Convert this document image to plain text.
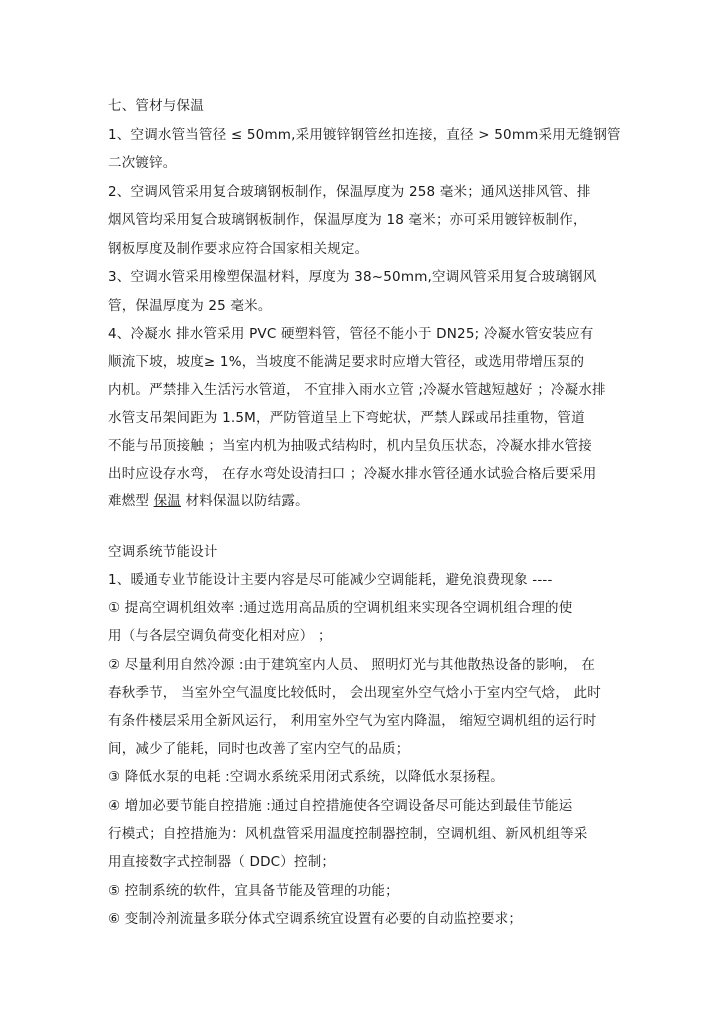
七、管材与保温
1、空调水管当管径 ≤ 50mm,采用镀锌钢管丝扣连接，直径 > 50mm采用无缝钢管
二次镀锌。
2、空调风管采用复合玻璃钢板制作，保温厚度为 258 毫米；通风送排风管、排
烟风管均采用复合玻璃钢板制作，保温厚度为 18 毫米；亦可采用镀锌板制作，
钢板厚度及制作要求应符合国家相关规定。
3、空调水管采用橡塑保温材料，厚度为 38~50mm,空调风管采用复合玻璃钢风
管，保温厚度为 25 毫米。
4、冷凝水 排水管采用 PVC 硬塑料管，管径不能小于 DN25; 冷凝水管安装应有
顺流下坡，坡度≥ 1%，当坡度不能满足要求时应增大管径，或选用带增压泵的
内机。严禁排入生活污水管道， 不宜排入雨水立管 ;冷凝水管越短越好 ；冷凝水排
水管支吊架间距为 1.5M，严防管道呈上下弯蛇状，严禁人踩或吊挂重物，管道
不能与吊顶接触 ；当室内机为抽吸式结构时，机内呈负压状态，冷凝水排水管接
出时应设存水弯， 在存水弯处设清扫口 ；冷凝水排水管径通水试验合格后要采用
难燃型 保温 材料保温以防结露。
空调系统节能设计
1、暖通专业节能设计主要内容是尽可能减少空调能耗，避免浪费现象 ----
① 提高空调机组效率 :通过选用高品质的空调机组来实现各空调机组合理的使
用（与各层空调负荷变化相对应） ；
② 尽量利用自然冷源 :由于建筑室内人员、 照明灯光与其他散热设备的影响， 在
春秋季节， 当室外空气温度比较低时， 会出现室外空气焓小于室内空气焓， 此时
有条件楼层采用全新风运行， 利用室外空气为室内降温， 缩短空调机组的运行时
间，减少了能耗，同时也改善了室内空气的品质；
③ 降低水泵的电耗 :空调水系统采用闭式系统，以降低水泵扬程。
④ 增加必要节能自控措施 :通过自控措施使各空调设备尽可能达到最佳节能运
行模式；自控措施为：风机盘管采用温度控制器控制，空调机组、新风机组等采
用直接数字式控制器（ DDC）控制；
⑤ 控制系统的软件，宜具备节能及管理的功能；
⑥ 变制冷剂流量多联分体式空调系统宜设置有必要的自动监控要求；
